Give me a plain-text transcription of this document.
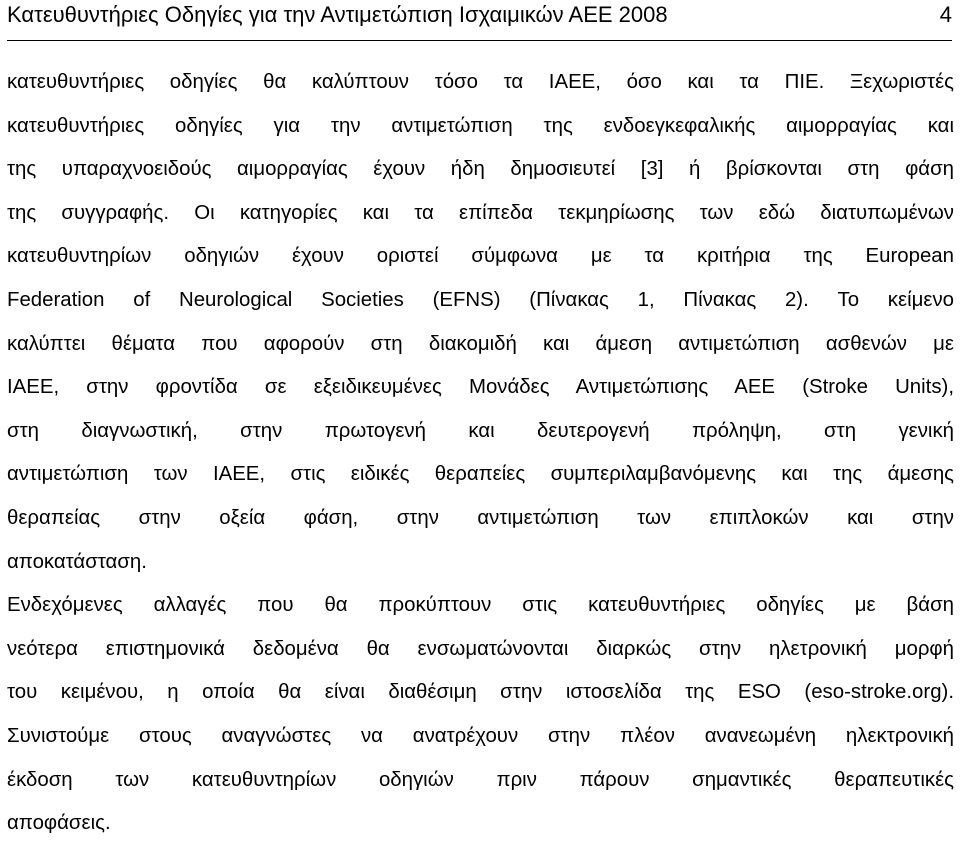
Κατευθυντήριες Οδηγίες για την Αντιμετώπιση Ισχαιμικών ΑΕΕ 2008	4
κατευθυντήριες οδηγίες θα καλύπτουν τόσο τα ΙΑΕΕ, όσο και τα ΠΙΕ. Ξεχωριστές
κατευθυντήριες οδηγίες για την αντιμετώπιση της ενδοεγκεφαλικής αιμορραγίας και
της υπαραχνοειδούς αιμορραγίας έχουν ήδη δημοσιευτεί [3] ή βρίσκονται στη φάση
της συγγραφής. Οι κατηγορίες και τα επίπεδα τεκμηρίωσης των εδώ διατυπωμένων
κατευθυντηρίων οδηγιών έχουν οριστεί σύμφωνα με τα κριτήρια της European
Federation of Neurological Societies (EFNS) (Πίνακας 1, Πίνακας 2). Το κείμενο
καλύπτει θέματα που αφορούν στη διακομιδή και άμεση αντιμετώπιση ασθενών με
ΙΑΕΕ, στην φροντίδα σε εξειδικευμένες Μονάδες Αντιμετώπισης ΑΕΕ (Stroke Units),
στη διαγνωστική, στην πρωτογενή και δευτερογενή πρόληψη, στη γενική
αντιμετώπιση των ΙΑΕΕ, στις ειδικές θεραπείες συμπεριλαμβανόμενης και της άμεσης
θεραπείας στην οξεία φάση, στην αντιμετώπιση των επιπλοκών και στην
αποκατάσταση.
Ενδεχόμενες αλλαγές που θα προκύπτουν στις κατευθυντήριες οδηγίες με βάση
νεότερα επιστημονικά δεδομένα θα ενσωματώνονται διαρκώς στην ηλετρονική μορφή
του κειμένου, η οποία θα είναι διαθέσιμη στην ιστοσελίδα της ESO (eso-stroke.org).
Συνιστούμε στους αναγνώστες να ανατρέχουν στην πλέον ανανεωμένη ηλεκτρονική
έκδοση των κατευθυντηρίων οδηγιών πριν πάρουν σημαντικές θεραπευτικές
αποφάσεις.
